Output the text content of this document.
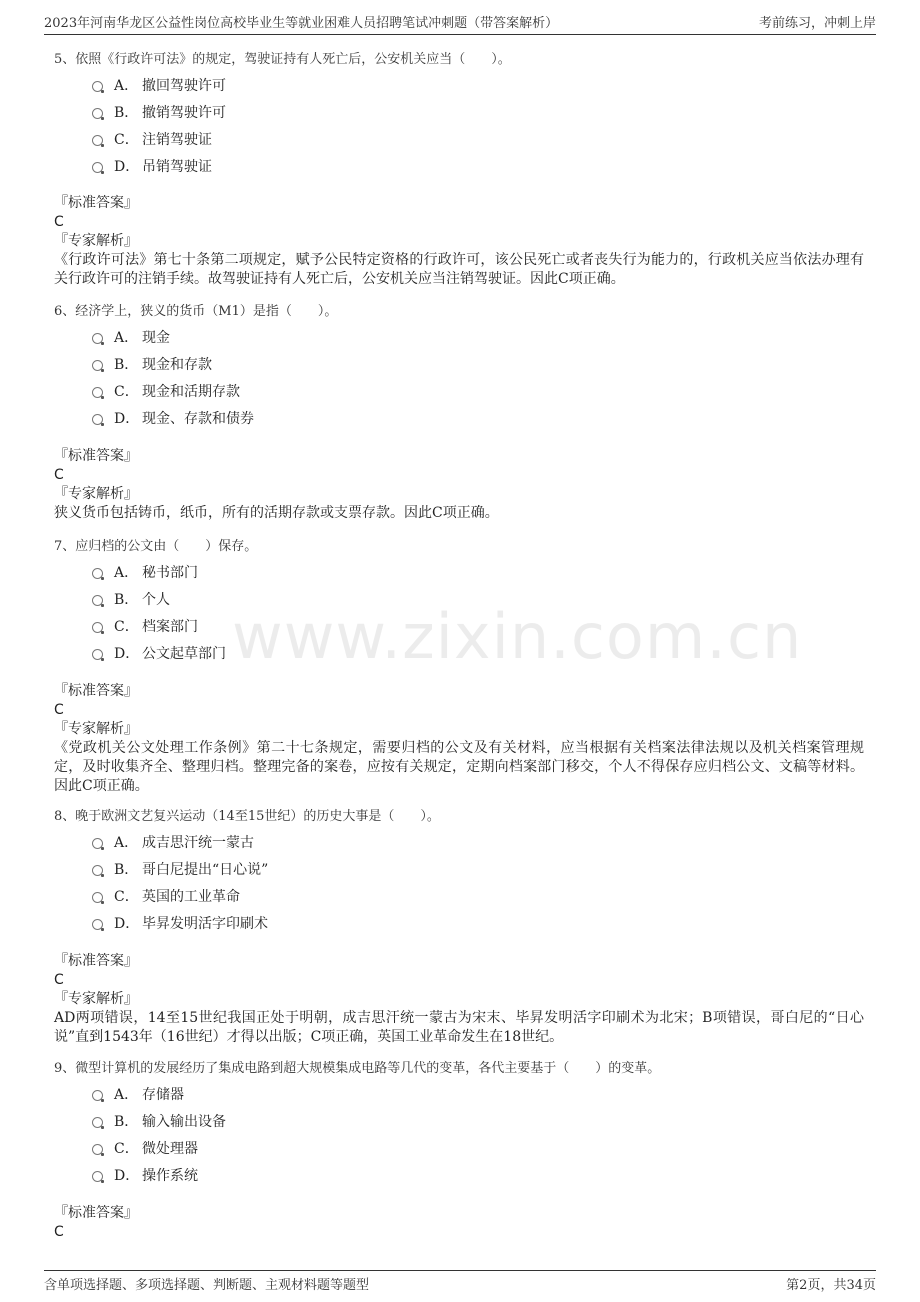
2023年河南华龙区公益性岗位高校毕业生等就业困难人员招聘笔试冲刺题（带答案解析）	考前练习，冲刺上岸
www.zixin.com.cn
5、依照《行政许可法》的规定，驾驶证持有人死亡后，公安机关应当（　　）。
A． 撤回驾驶许可
B． 撤销驾驶许可
C． 注销驾驶证
D． 吊销驾驶证
『标准答案』
C
『专家解析』
《行政许可法》第七十条第二项规定，赋予公民特定资格的行政许可，该公民死亡或者丧失行为能力的，行政机关应当依法办理有关行政许可的注销手续。故驾驶证持有人死亡后，公安机关应当注销驾驶证。因此C项正确。
6、经济学上，狭义的货币（M1）是指（　　）。
A． 现金
B． 现金和存款
C． 现金和活期存款
D． 现金、存款和债券
『标准答案』
C
『专家解析』
狭义货币包括铸币，纸币，所有的活期存款或支票存款。因此C项正确。
7、应归档的公文由（　　）保存。
A． 秘书部门
B． 个人
C． 档案部门
D． 公文起草部门
『标准答案』
C
『专家解析』
《党政机关公文处理工作条例》第二十七条规定，需要归档的公文及有关材料，应当根据有关档案法律法规以及机关档案管理规定，及时收集齐全、整理归档。整理完备的案卷，应按有关规定，定期向档案部门移交，个人不得保存应归档公文、文稿等材料。因此C项正确。
8、晚于欧洲文艺复兴运动（14至15世纪）的历史大事是（　　）。
A． 成吉思汗统一蒙古
B． 哥白尼提出“日心说”
C． 英国的工业革命
D． 毕昇发明活字印刷术
『标准答案』
C
『专家解析』
AD两项错误，14至15世纪我国正处于明朝，成吉思汗统一蒙古为宋末、毕昇发明活字印刷术为北宋；B项错误，哥白尼的“日心说”直到1543年（16世纪）才得以出版；C项正确，英国工业革命发生在18世纪。
9、微型计算机的发展经历了集成电路到超大规模集成电路等几代的变革，各代主要基于（　　）的变革。
A． 存储器
B． 输入输出设备
C． 微处理器
D． 操作系统
『标准答案』
C
含单项选择题、多项选择题、判断题、主观材料题等题型	第2页，共34页
